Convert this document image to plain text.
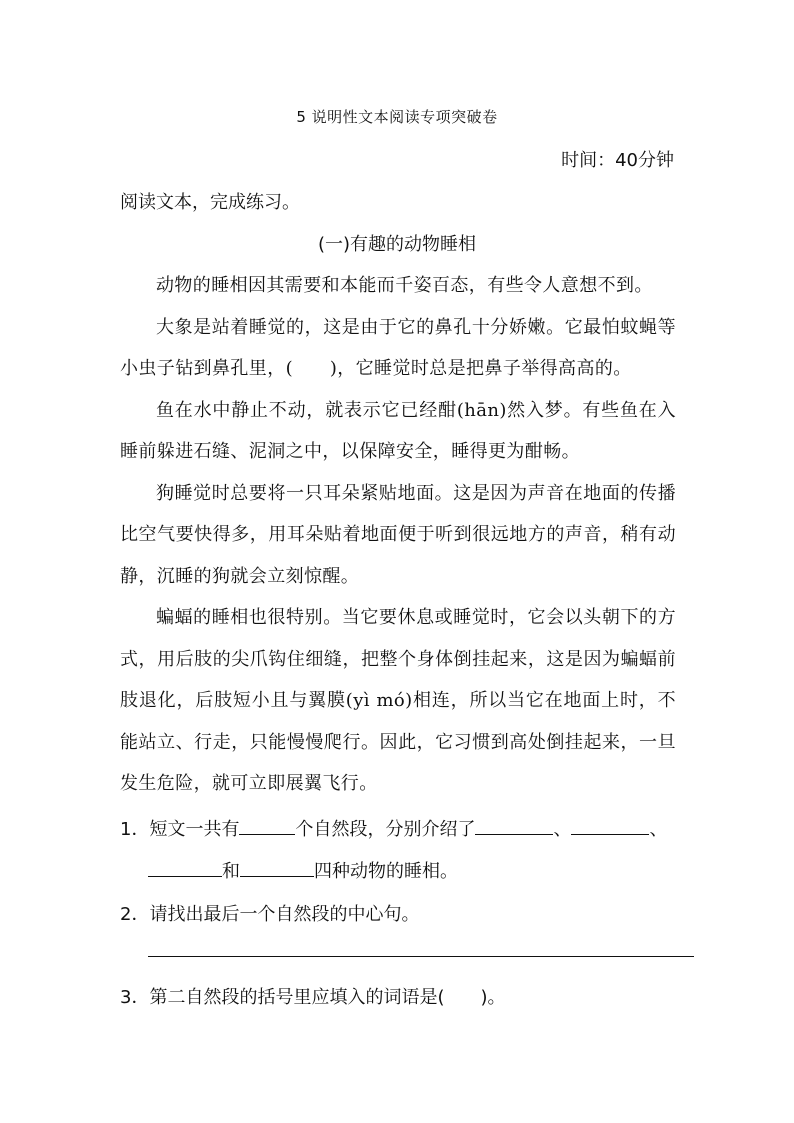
5 说明性文本阅读专项突破卷
时间：40分钟
阅读文本，完成练习。
(一)有趣的动物睡相

动物的睡相因其需要和本能而千姿百态，有些令人意想不到。

大象是站着睡觉的，这是由于它的鼻孔十分娇嫩。它最怕蚊蝇等小虫子钻到鼻孔里，(　　)，它睡觉时总是把鼻子举得高高的。

鱼在水中静止不动，就表示它已经酣(hān)然入梦。有些鱼在入睡前躲进石缝、泥洞之中，以保障安全，睡得更为酣畅。

狗睡觉时总要将一只耳朵紧贴地面。这是因为声音在地面的传播比空气要快得多，用耳朵贴着地面便于听到很远地方的声音，稍有动静，沉睡的狗就会立刻惊醒。

蝙蝠的睡相也很特别。当它要休息或睡觉时，它会以头朝下的方式，用后肢的尖爪钩住细缝，把整个身体倒挂起来，这是因为蝙蝠前肢退化，后肢短小且与翼膜(yì mó)相连，所以当它在地面上时，不能站立、行走，只能慢慢爬行。因此，它习惯到高处倒挂起来，一旦发生危险，就可立即展翼飞行。

1．短文一共有	个自然段，分别介绍了	、	、
和	四种动物的睡相。
2．请找出最后一个自然段的中心句。
3．第二自然段的括号里应填入的词语是(　　)。
